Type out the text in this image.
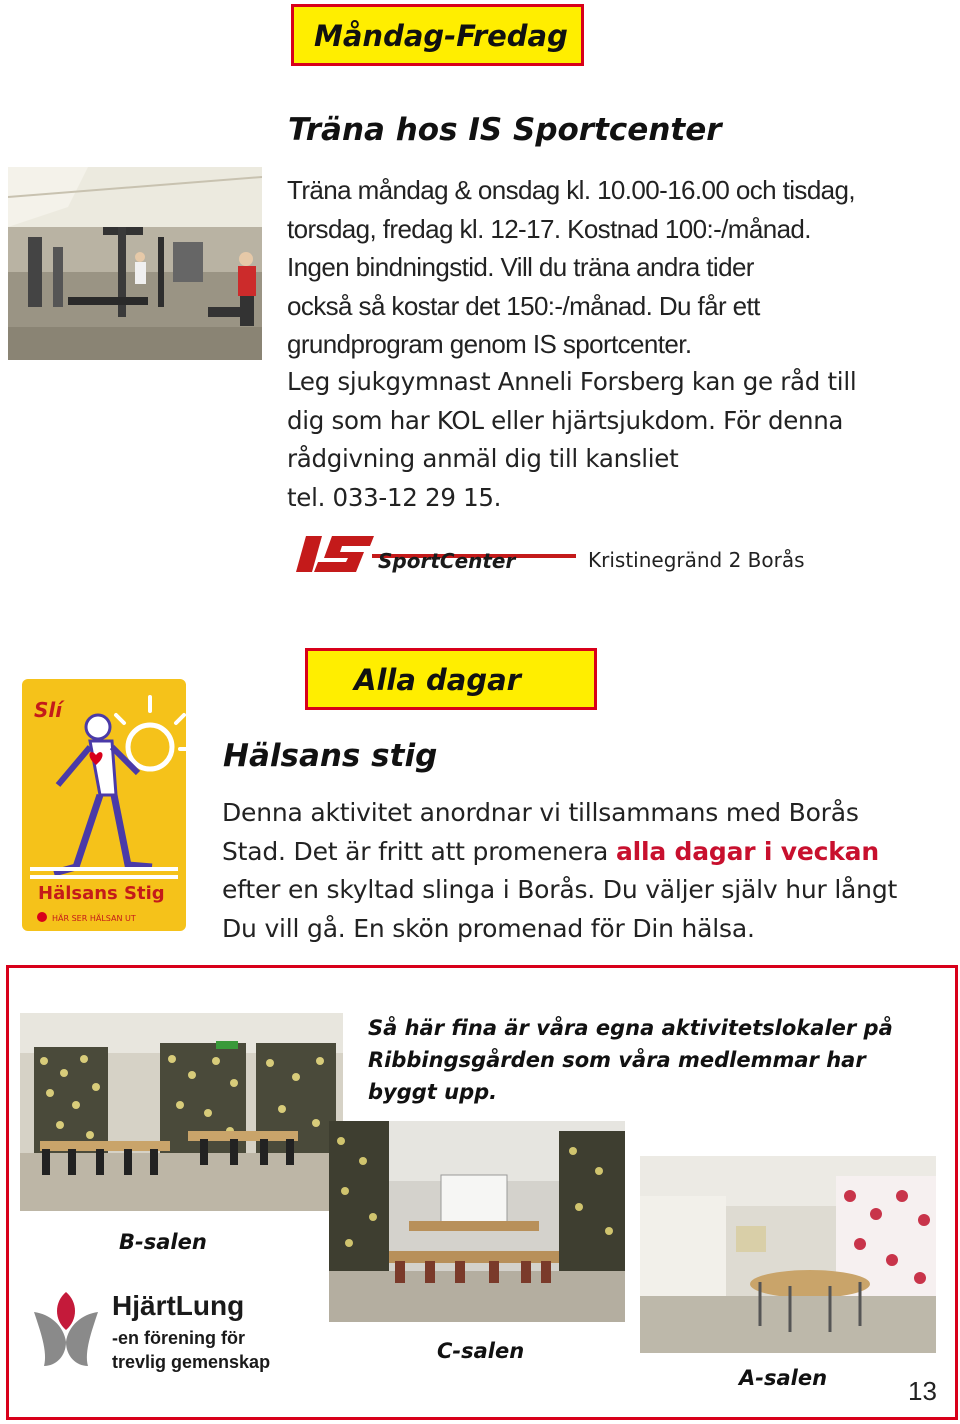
Måndag-Fredag
Träna hos IS Sportcenter
Träna måndag & onsdag kl. 10.00-16.00 och tisdag,
torsdag, fredag kl. 12-17. Kostnad 100:-/månad.
Ingen bindningstid. Vill du träna andra tider
också så kostar det 150:-/månad. Du får ett
grundprogram genom IS sportcenter.
Leg sjukgymnast Anneli Forsberg kan ge råd till
dig som har KOL eller hjärtsjukdom. För denna
rådgivning anmäl dig till kansliet
tel. 033-12 29 15.
SportCenter	Kristinegränd 2 Borås
Slí
Hälsans Stig
HÄR SER HÄLSAN UT
Alla dagar
Hälsans stig
Denna aktivitet anordnar vi tillsammans med Borås
Stad. Det är fritt att promenera alla dagar i veckan
efter en skyltad slinga i Borås. Du väljer själv hur långt
Du vill gå. En skön promenad för Din hälsa.
Så här fina är våra egna aktivitetslokaler på
Ribbingsgården som våra medlemmar har
byggt upp.
B-salen
C-salen
A-salen
HjärtLung
-en förening för
trevlig gemenskap
13
